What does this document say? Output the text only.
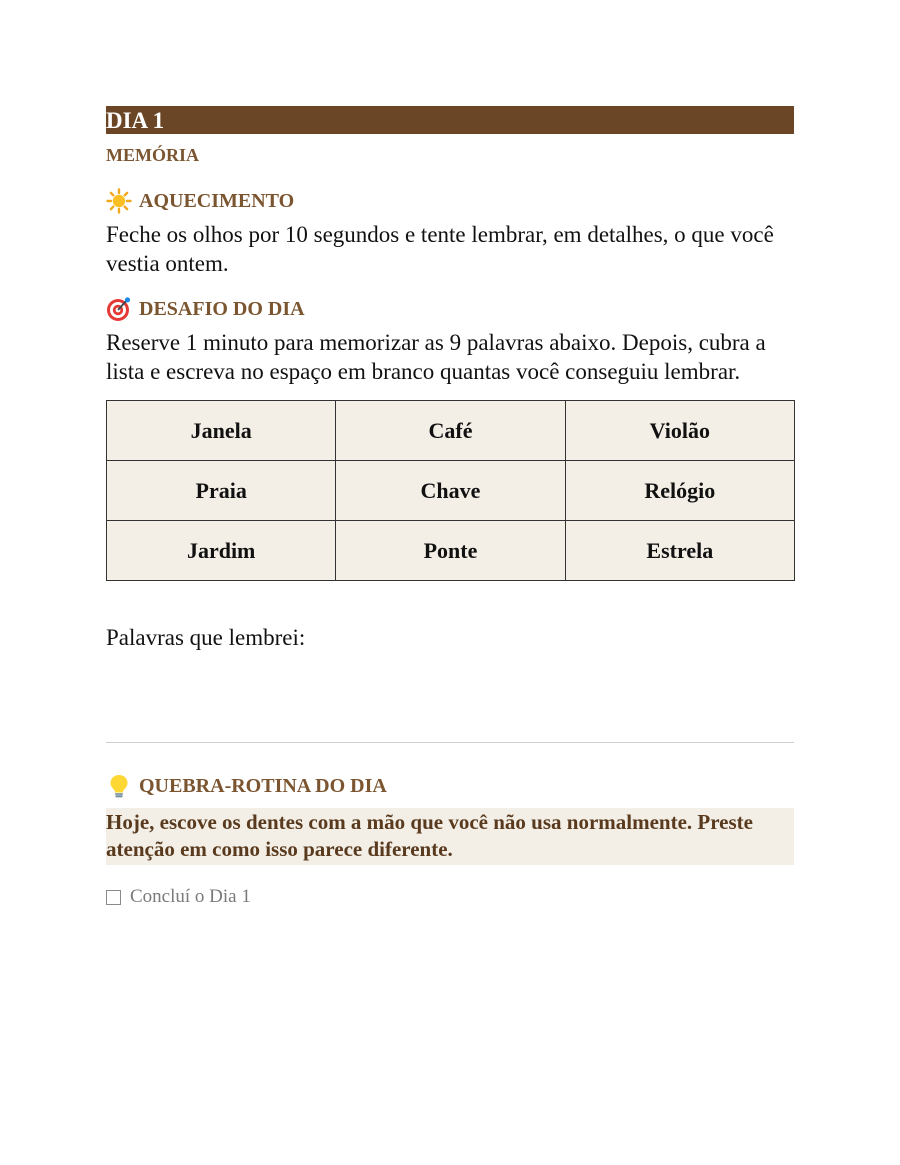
DIA 1
MEMÓRIA
AQUECIMENTO
Feche os olhos por 10 segundos e tente lembrar, em detalhes, o que você vestia ontem.
DESAFIO DO DIA
Reserve 1 minuto para memorizar as 9 palavras abaixo. Depois, cubra a lista e escreva no espaço em branco quantas você conseguiu lembrar.
Janela	Café	Violão
Praia	Chave	Relógio
Jardim	Ponte	Estrela
Palavras que lembrei:
QUEBRA-ROTINA DO DIA
Hoje, escove os dentes com a mão que você não usa normalmente. Preste atenção em como isso parece diferente.
Concluí o Dia 1
